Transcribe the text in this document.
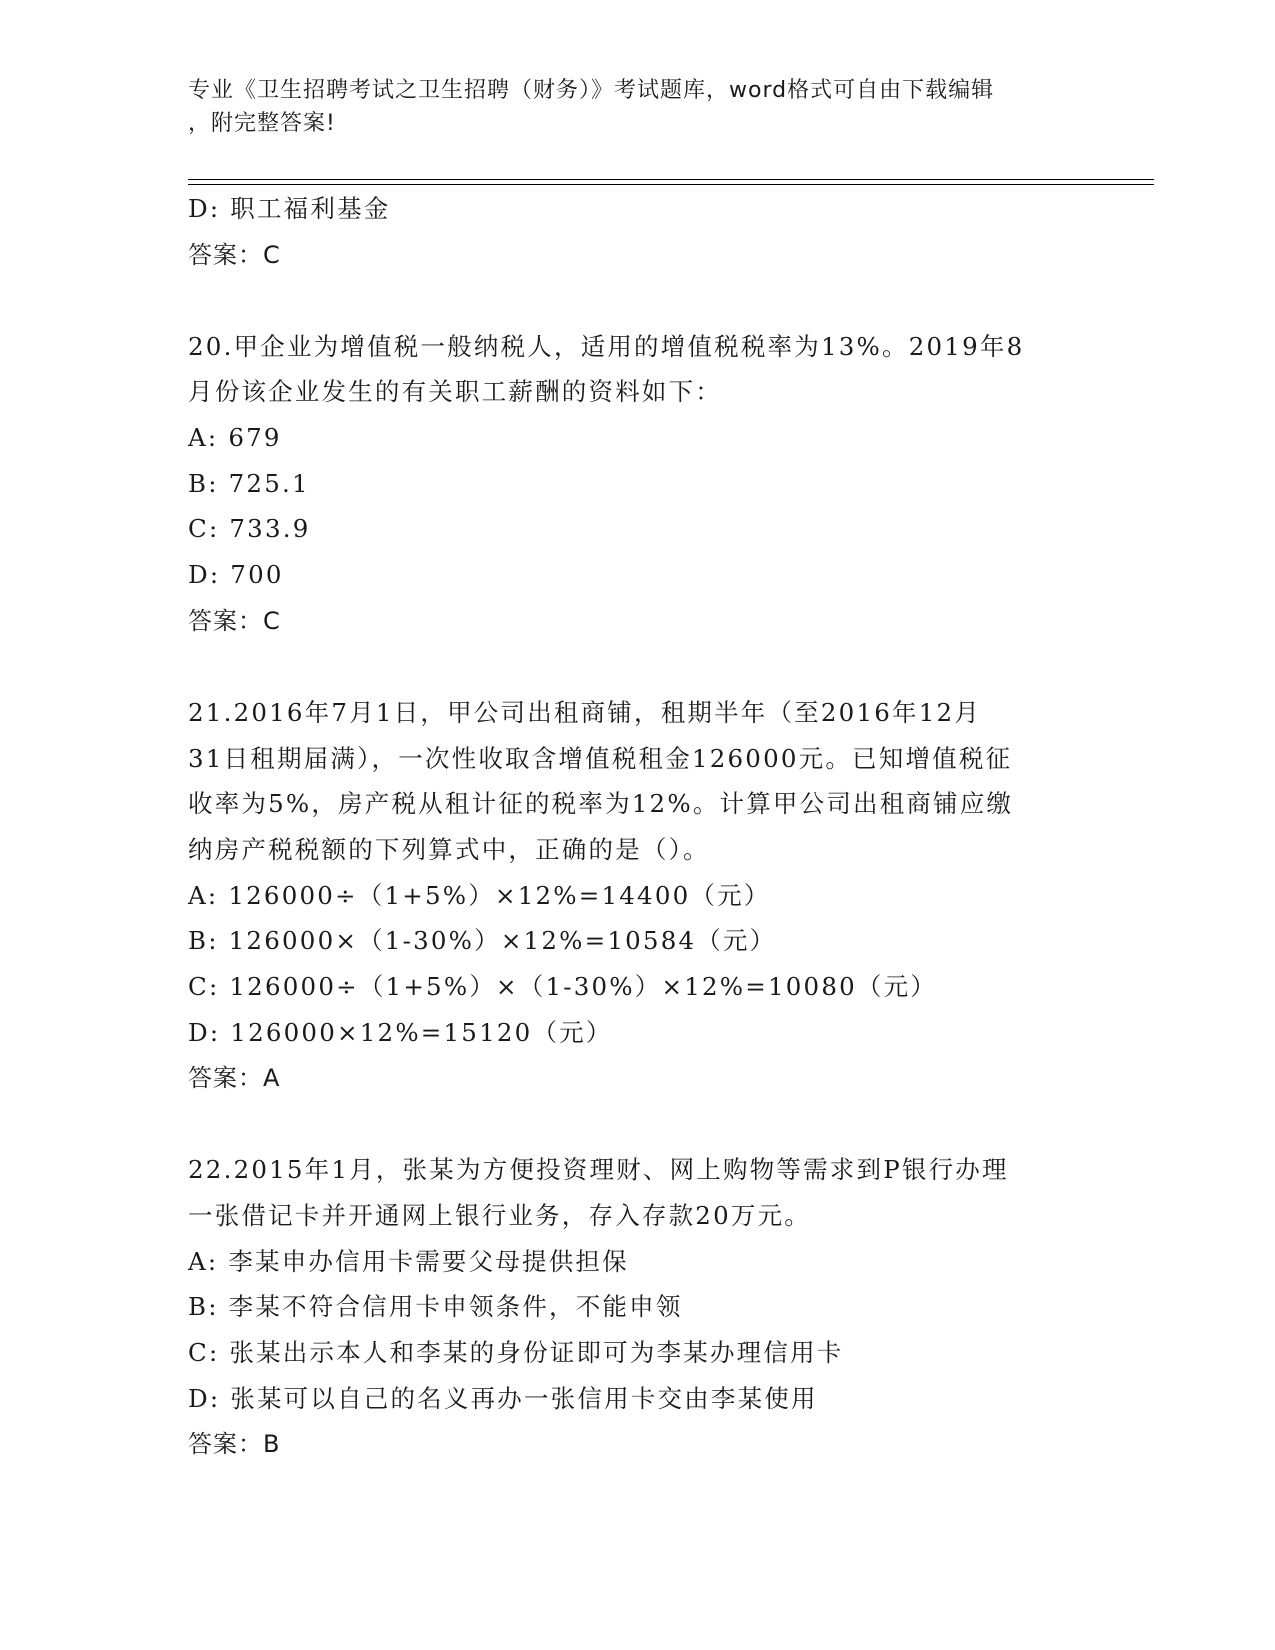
专业《卫生招聘考试之卫生招聘（财务）》考试题库，word格式可自由下载编辑
，附完整答案!
D: 职工福利基金
答案：C
20.甲企业为增值税一般纳税人，适用的增值税税率为13%。2019年8
月份该企业发生的有关职工薪酬的资料如下：
A: 679
B: 725.1
C: 733.9
D: 700
答案：C
21.2016年7月1日，甲公司出租商铺，租期半年（至2016年12月
31日租期届满），一次性收取含增值税租金126000元。已知增值税征
收率为5%，房产税从租计征的税率为12%。计算甲公司出租商铺应缴
纳房产税税额的下列算式中，正确的是（）。
A: 126000÷（1+5%）×12%=14400（元）
B: 126000×（1-30%）×12%=10584（元）
C: 126000÷（1+5%）×（1-30%）×12%=10080（元）
D: 126000×12%=15120（元）
答案：A
22.2015年1月，张某为方便投资理财、网上购物等需求到P银行办理
一张借记卡并开通网上银行业务，存入存款20万元。
A: 李某申办信用卡需要父母提供担保
B: 李某不符合信用卡申领条件，不能申领
C: 张某出示本人和李某的身份证即可为李某办理信用卡
D: 张某可以自己的名义再办一张信用卡交由李某使用
答案：B
